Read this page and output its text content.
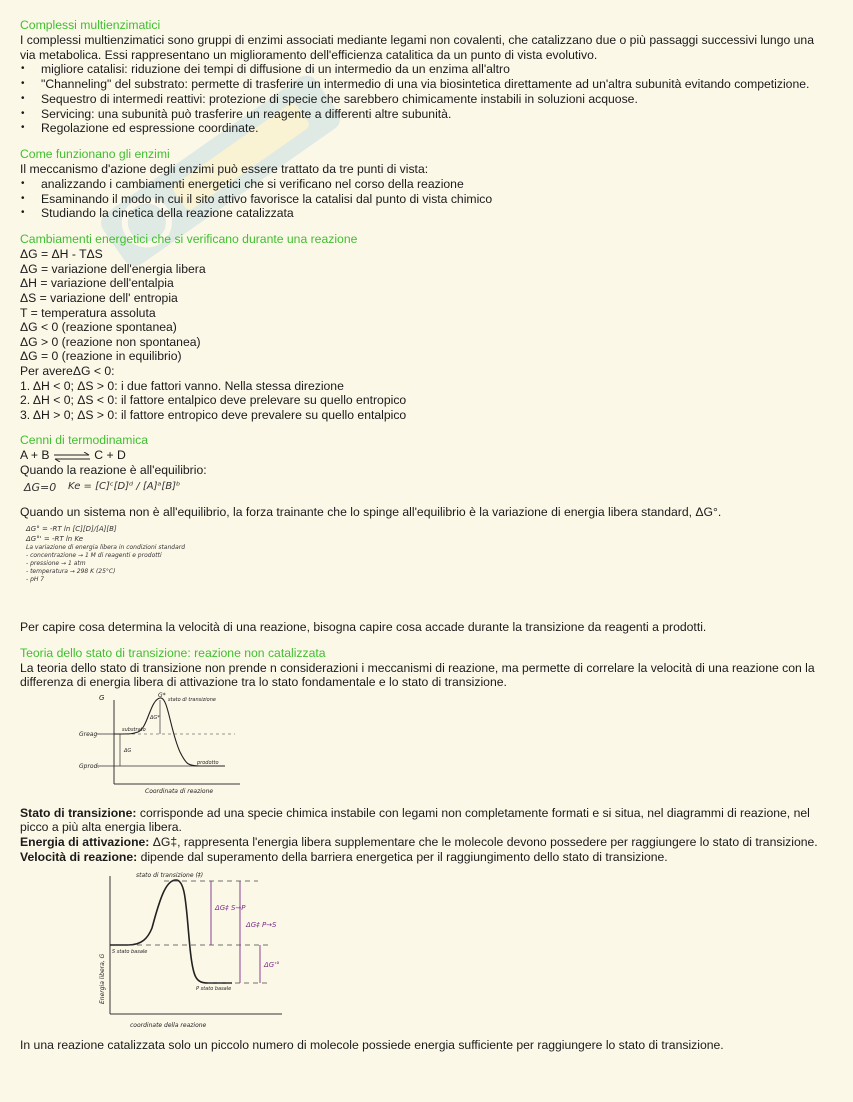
Complessi multienzimatici

I complessi multienzimatici sono gruppi di enzimi associati mediante legami non covalenti, che catalizzano due o più passaggi successivi lungo una via metabolica. Essi rappresentano un miglioramento dell'efficienza catalitica da un punto di vista evolutivo.

• migliore catalisi: riduzione dei tempi di diffusione di un intermedio da un enzima all'altro
• "Channeling" del substrato: permette di trasferire un intermedio di una via biosintetica direttamente ad un'altra subunità evitando competizione.
• Sequestro di intermedi reattivi: protezione di specie che sarebbero chimicamente instabili in soluzioni acquose.
• Servicing: una subunità può trasferire un reagente a differenti altre subunità.
• Regolazione ed espressione coordinate.
Come funzionano gli enzimi

Il meccanismo d'azione degli enzimi può essere trattato da tre punti di vista:

• analizzando i cambiamenti energetici che si verificano nel corso della reazione
• Esaminando il modo in cui il sito attivo favorisce la catalisi dal punto di vista chimico
• Studiando la cinetica della reazione catalizzata
Cambiamenti energetici che si verificano durante una reazione
ΔG = ΔH - TΔS
ΔG = variazione dell'energia libera
ΔH = variazione dell'entalpia
ΔS = variazione dell' entropia
T = temperatura assoluta
ΔG < 0 (reazione spontanea)
ΔG > 0 (reazione non spontanea)
ΔG = 0 (reazione in equilibrio)
Per avereΔG < 0:
1. ΔH < 0; ΔS > 0: i due fattori vanno. Nella stessa direzione
2. ΔH < 0; ΔS < 0: il fattore entalpico deve prelevare su quello entropico
3. ΔH > 0; ΔS > 0: il fattore entropico deve prevalere su quello entalpico
Cenni di termodinamica
A + B ⇌ C + D

Quando la reazione è all'equilibrio:

ΔG=0 Ke = [C]ᶜ[D]ᵈ / [A]ᵃ[B]ᵇ

Quando un sistema non è all'equilibrio, la forza trainante che lo spinge all'equilibrio è la variazione di energia libera standard, ΔG°.

ΔG° = -RT ln [C][D]/[A][B]
ΔG°' = -RT ln Ke
La variazione di energia libera in condizioni standard
- concentrazione → 1 M di reagenti e prodotti
- pressione → 1 atm
- temperatura → 298 K (25°C)
- pH 7

Per capire cosa determina la velocità di una reazione, bisogna capire cosa accade durante la transizione da reagenti a prodotti.

Teoria dello stato di transizione: reazione non catalizzata

La teoria dello stato di transizione non prende n considerazioni i meccanismi di reazione, ma permette di correlare la velocità di una reazione con la differenza di energia libera di attivazione tra lo stato fondamentale e lo stato di transizione.

G
Greag
Gprod.
G*
stato di transizione
substrato
prodotto
ΔG*
ΔG
Coordinata di reazione

Stato di transizione: corrisponde ad una specie chimica instabile con legami non completamente formati e si situa, nel diagrammi di reazione, nel picco a più alta energia libera.

Energia di attivazione: ΔG‡, rappresenta l'energia libera supplementare che le molecole devono possedere per raggiungere lo stato di transizione.

Velocità di reazione: dipende dal superamento della barriera energetica per il raggiungimento dello stato di transizione.

stato di transizione (‡)
Energia libera, G
S stato basale
P stato basale
coordinate della reazione
ΔG‡ S→P
ΔG‡ P→S
ΔG'°

In una reazione catalizzata solo un piccolo numero di molecole possiede energia sufficiente per raggiungere lo stato di transizione.
